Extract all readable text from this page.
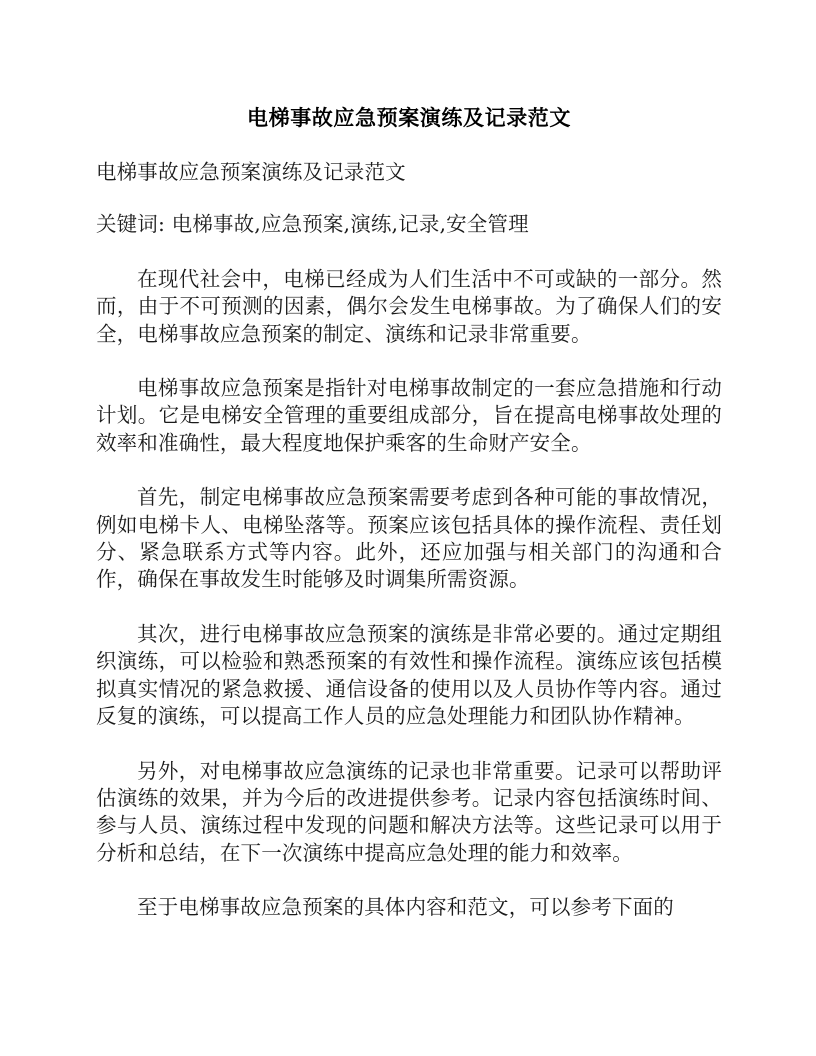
电梯事故应急预案演练及记录范文

电梯事故应急预案演练及记录范文

关键词: 电梯事故,应急预案,演练,记录,安全管理

在现代社会中，电梯已经成为人们生活中不可或缺的一部分。然而，由于不可预测的因素，偶尔会发生电梯事故。为了确保人们的安全，电梯事故应急预案的制定、演练和记录非常重要。

电梯事故应急预案是指针对电梯事故制定的一套应急措施和行动计划。它是电梯安全管理的重要组成部分，旨在提高电梯事故处理的效率和准确性，最大程度地保护乘客的生命财产安全。

首先，制定电梯事故应急预案需要考虑到各种可能的事故情况，例如电梯卡人、电梯坠落等。预案应该包括具体的操作流程、责任划分、紧急联系方式等内容。此外，还应加强与相关部门的沟通和合作，确保在事故发生时能够及时调集所需资源。

其次，进行电梯事故应急预案的演练是非常必要的。通过定期组织演练，可以检验和熟悉预案的有效性和操作流程。演练应该包括模拟真实情况的紧急救援、通信设备的使用以及人员协作等内容。通过反复的演练，可以提高工作人员的应急处理能力和团队协作精神。

另外，对电梯事故应急演练的记录也非常重要。记录可以帮助评估演练的效果，并为今后的改进提供参考。记录内容包括演练时间、参与人员、演练过程中发现的问题和解决方法等。这些记录可以用于分析和总结，在下一次演练中提高应急处理的能力和效率。

至于电梯事故应急预案的具体内容和范文，可以参考下面的
